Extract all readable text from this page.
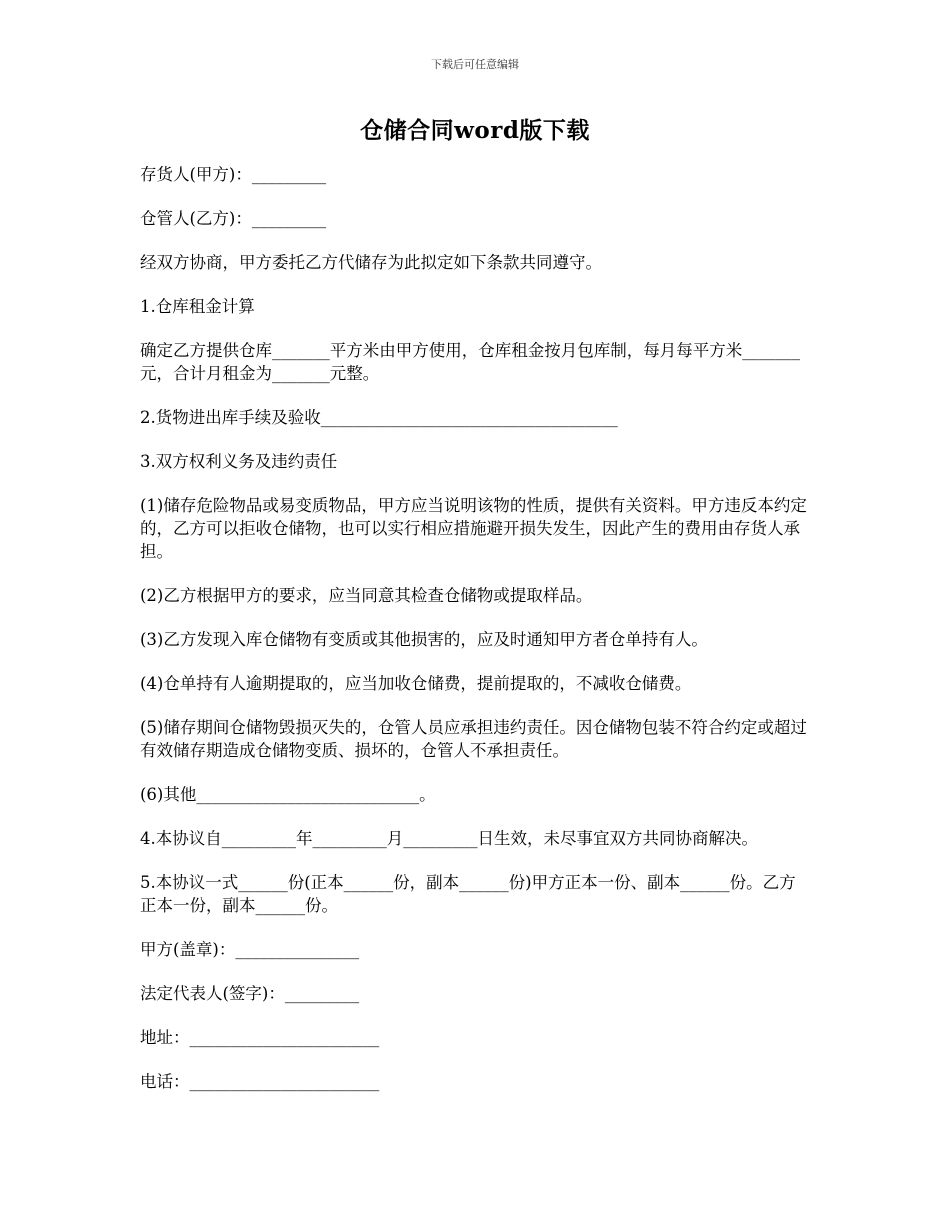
下载后可任意编辑
仓储合同word版下载

存货人(甲方)：_________

仓管人(乙方)：_________

经双方协商，甲方委托乙方代储存为此拟定如下条款共同遵守。

1.仓库租金计算

确定乙方提供仓库_______平方米由甲方使用，仓库租金按月包库制，每月每平方米_______元，合计月租金为_______元整。

2.货物进出库手续及验收____________________________________

3.双方权利义务及违约责任

(1)储存危险物品或易变质物品，甲方应当说明该物的性质，提供有关资料。甲方违反本约定的，乙方可以拒收仓储物，也可以实行相应措施避开损失发生，因此产生的费用由存货人承担。

(2)乙方根据甲方的要求，应当同意其检查仓储物或提取样品。

(3)乙方发现入库仓储物有变质或其他损害的，应及时通知甲方者仓单持有人。

(4)仓单持有人逾期提取的，应当加收仓储费，提前提取的，不减收仓储费。

(5)储存期间仓储物毁损灭失的，仓管人员应承担违约责任。因仓储物包装不符合约定或超过有效储存期造成仓储物变质、损坏的，仓管人不承担责任。

(6)其他___________________________。

4.本协议自_________年_________月_________日生效，未尽事宜双方共同协商解决。

5.本协议一式______份(正本______份，副本______份)甲方正本一份、副本______份。乙方正本一份，副本______份。

甲方(盖章)：_______________

法定代表人(签字)：_________

地址：_______________________

电话：_______________________
